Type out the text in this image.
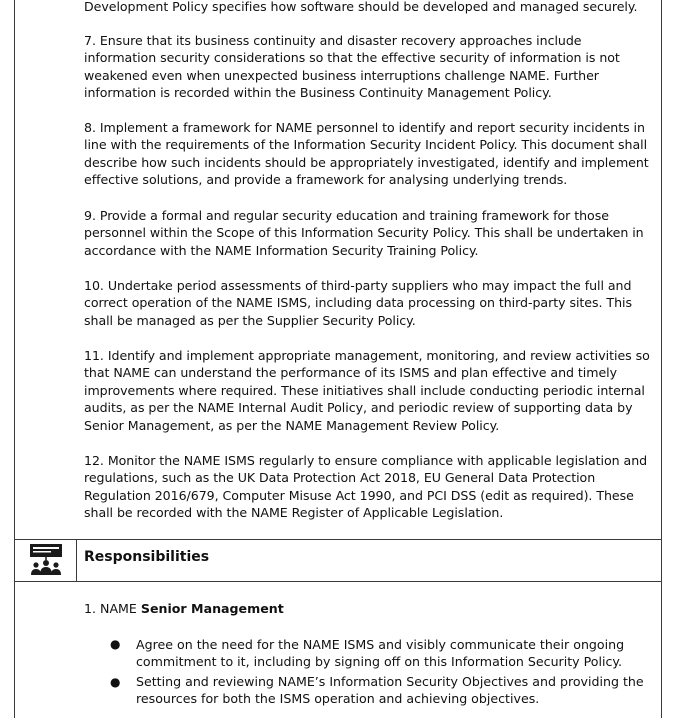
Development Policy specifies how software should be developed and managed securely.

7. Ensure that its business continuity and disaster recovery approaches include information security considerations so that the effective security of information is not weakened even when unexpected business interruptions challenge NAME. Further information is recorded within the Business Continuity Management Policy.

8. Implement a framework for NAME personnel to identify and report security incidents in line with the requirements of the Information Security Incident Policy. This document shall describe how such incidents should be appropriately investigated, identify and implement effective solutions, and provide a framework for analysing underlying trends.

9. Provide a formal and regular security education and training framework for those personnel within the Scope of this Information Security Policy. This shall be undertaken in accordance with the NAME Information Security Training Policy.

10. Undertake period assessments of third-party suppliers who may impact the full and correct operation of the NAME ISMS, including data processing on third-party sites. This shall be managed as per the Supplier Security Policy.

11. Identify and implement appropriate management, monitoring, and review activities so that NAME can understand the performance of its ISMS and plan effective and timely improvements where required. These initiatives shall include conducting periodic internal audits, as per the NAME Internal Audit Policy, and periodic review of supporting data by Senior Management, as per the NAME Management Review Policy.

12. Monitor the NAME ISMS regularly to ensure compliance with applicable legislation and regulations, such as the UK Data Protection Act 2018, EU General Data Protection Regulation 2016/679, Computer Misuse Act 1990, and PCI DSS (edit as required). These shall be recorded with the NAME Register of Applicable Legislation.

Responsibilities
1. NAME Senior Management
● Agree on the need for the NAME ISMS and visibly communicate their ongoing commitment to it, including by signing off on this Information Security Policy.

● Setting and reviewing NAME’s Information Security Objectives and providing the resources for both the ISMS operation and achieving objectives.
